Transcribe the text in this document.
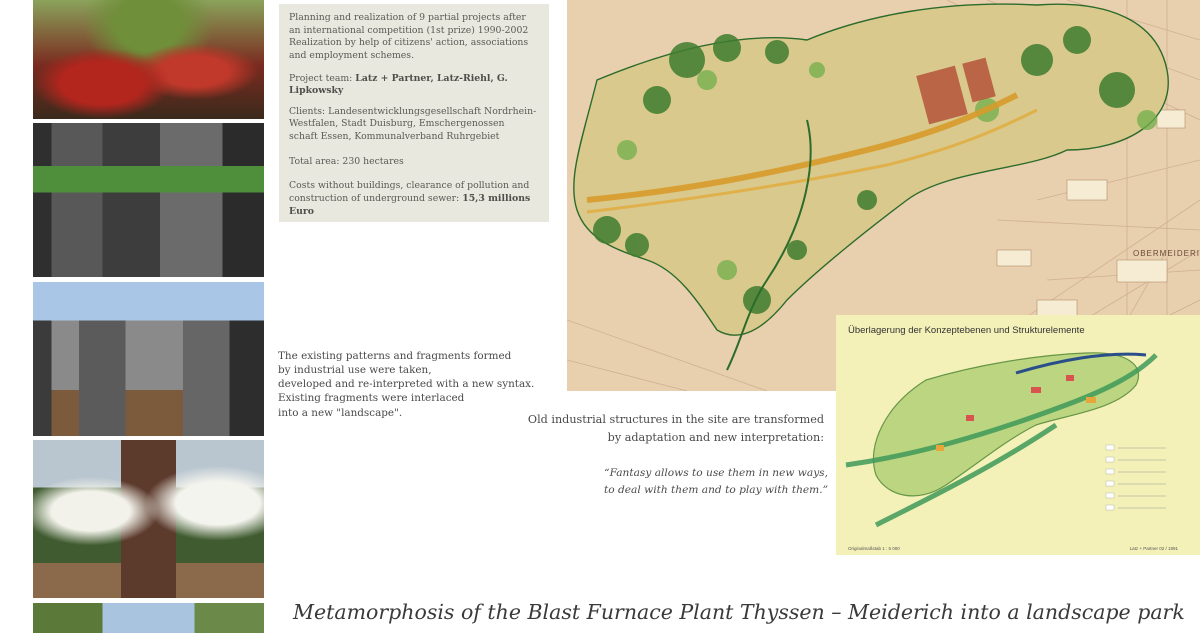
Planning and realization of 9 partial projects after
an international competition (1st prize) 1990-2002
Realization by help of citizens' action, associations
and employment schemes.

Project team: Latz + Partner, Latz-Riehl, G. Lipkowsky

Clients: Landesentwicklungsgesellschaft Nordrhein-
Westfalen, Stadt Duisburg, Emschergenossen
schaft Essen, Kommunalverband Ruhrgebiet

Total area: 230 hectares

Costs without buildings, clearance of pollution and
construction of underground sewer: 15,3 millions Euro

The existing patterns and fragments formed
by industrial use were taken,
developed and re-interpreted with a new syntax.
Existing fragments were interlaced
into a new "landscape".

Old industrial structures in the site are transformed
by adaptation and new interpretation:

“Fantasy allows to use them in new ways,
to deal with them and to play with them.”

OBERMEIDERI

Überlagerung der Konzeptebenen und Strukturelemente

Originalmaßstab 1 : 5 000	Latz + Partner 02 / 1991
Metamorphosis of the Blast Furnace Plant Thyssen – Meiderich into a landscape park
